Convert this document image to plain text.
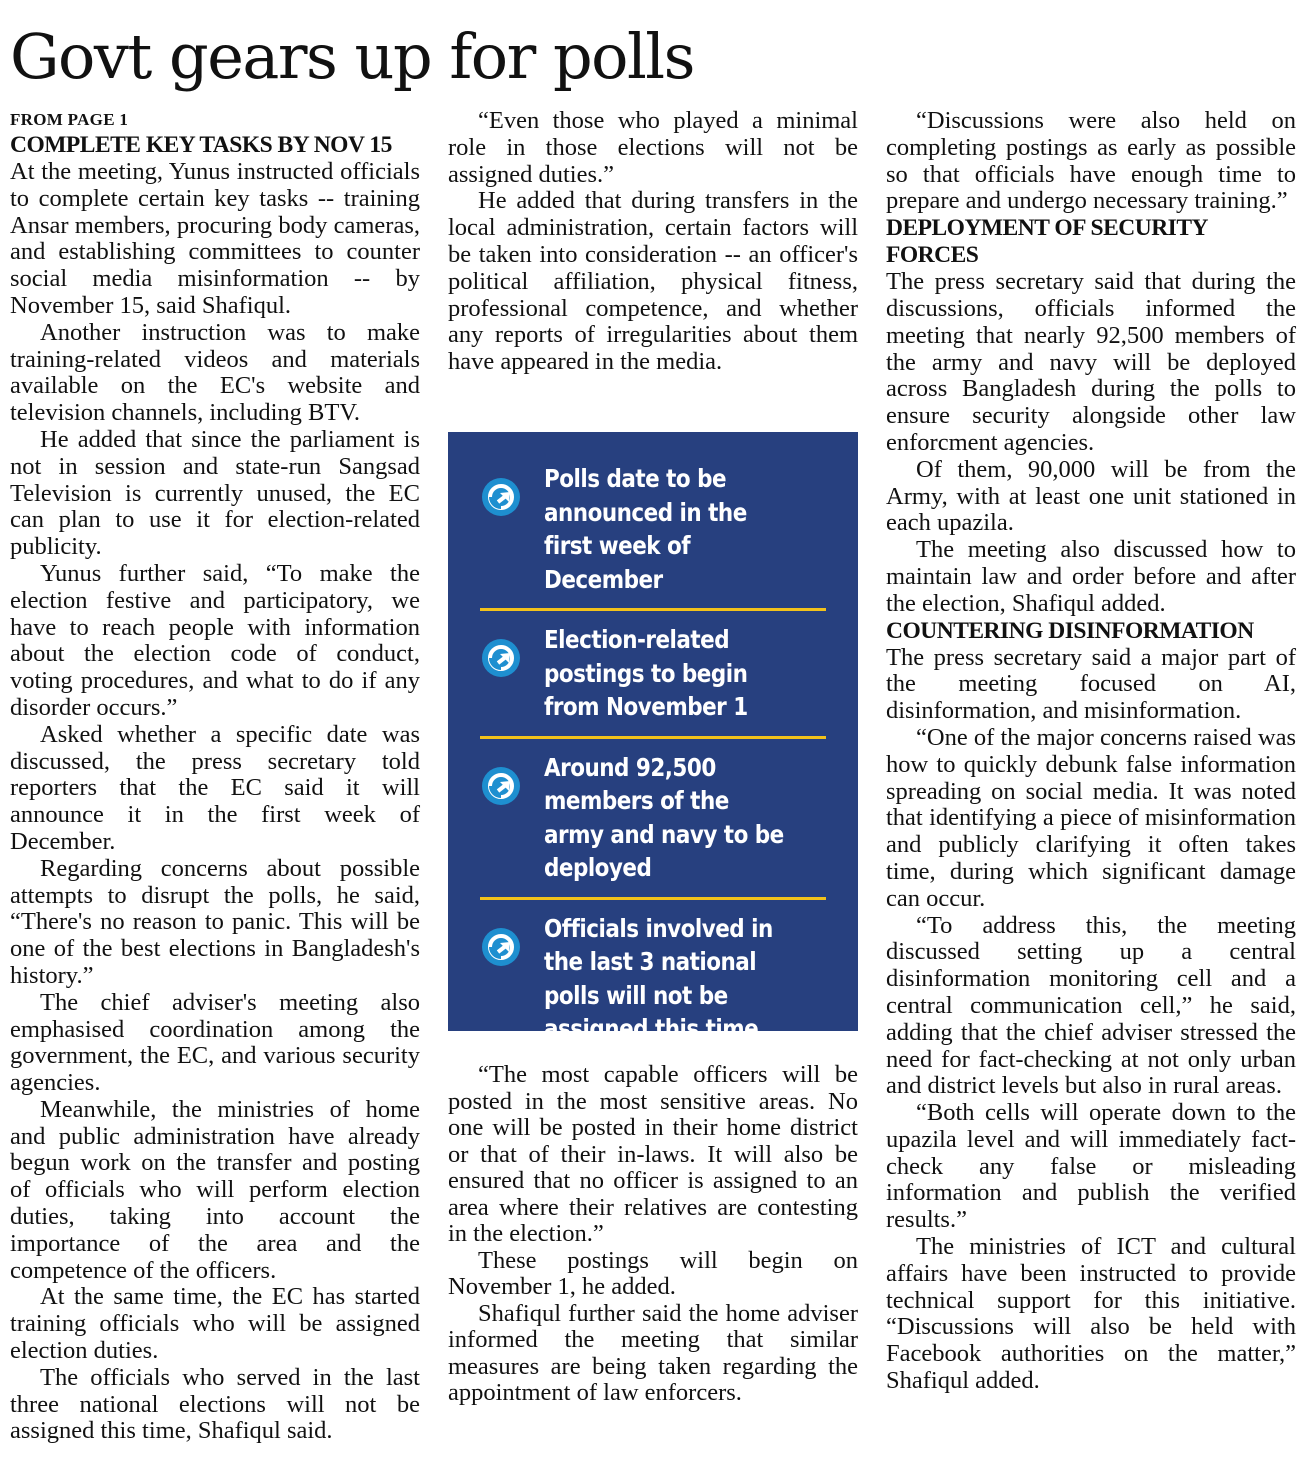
Govt gears up for polls
FROM PAGE 1
COMPLETE KEY TASKS BY NOV 15

At the meeting, Yunus instructed officials to complete certain key tasks -- training Ansar members, procuring body cameras, and establishing committees to counter social media misinformation -- by November 15, said Shafiqul.

Another instruction was to make training-related videos and materials available on the EC's website and television channels, including BTV.

He added that since the parliament is not in session and state-run Sangsad Television is currently unused, the EC can plan to use it for election-related publicity.

Yunus further said, “To make the election festive and participatory, we have to reach people with information about the election code of conduct, voting procedures, and what to do if any disorder occurs.”

Asked whether a specific date was discussed, the press secretary told reporters that the EC said it will announce it in the first week of December.

Regarding concerns about possible attempts to disrupt the polls, he said, “There's no reason to panic. This will be one of the best elections in Bangladesh's history.”

The chief adviser's meeting also emphasised coordination among the government, the EC, and various security agencies.

Meanwhile, the ministries of home and public administration have already begun work on the transfer and posting of officials who will perform election duties, taking into account the importance of the area and the competence of the officers.

At the same time, the EC has started training officials who will be assigned election duties.

The officials who served in the last three national elections will not be assigned this time, Shafiqul said.

“Even those who played a minimal role in those elections will not be assigned duties.”

He added that during transfers in the local administration, certain factors will be taken into consideration -- an officer's political affiliation, physical fitness, professional competence, and whether any reports of irregularities about them have appeared in the media.

Polls date to be announced in the first week of December
Election-related postings to begin from November 1
Around 92,500 members of the army and navy to be deployed
Officials involved in the last 3 national polls will not be assigned this time

“The most capable officers will be posted in the most sensitive areas. No one will be posted in their home district or that of their in-laws. It will also be ensured that no officer is assigned to an area where their relatives are contesting in the election.”

These postings will begin on November 1, he added.

Shafiqul further said the home adviser informed the meeting that similar measures are being taken regarding the appointment of law enforcers.

“Discussions were also held on completing postings as early as possible so that officials have enough time to prepare and undergo necessary training.”

DEPLOYMENT OF SECURITY FORCES

The press secretary said that during the discussions, officials informed the meeting that nearly 92,500 members of the army and navy will be deployed across Bangladesh during the polls to ensure security alongside other law enforcment agencies.

Of them, 90,000 will be from the Army, with at least one unit stationed in each upazila.

The meeting also discussed how to maintain law and order before and after the election, Shafiqul added.

COUNTERING DISINFORMATION

The press secretary said a major part of the meeting focused on AI, disinformation, and misinformation.

“One of the major concerns raised was how to quickly debunk false information spreading on social media. It was noted that identifying a piece of misinformation and publicly clarifying it often takes time, during which significant damage can occur.

“To address this, the meeting discussed setting up a central disinformation monitoring cell and a central communication cell,” he said, adding that the chief adviser stressed the need for fact-checking at not only urban and district levels but also in rural areas.

“Both cells will operate down to the upazila level and will immediately fact-check any false or misleading information and publish the verified results.”

The ministries of ICT and cultural affairs have been instructed to provide technical support for this initiative. “Discussions will also be held with Facebook authorities on the matter,” Shafiqul added.
